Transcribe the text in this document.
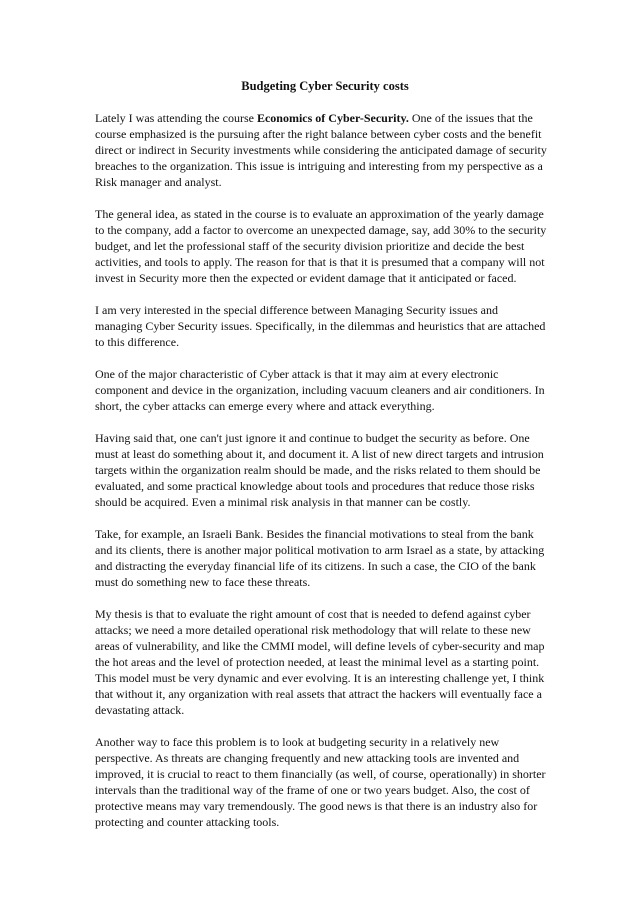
Budgeting Cyber Security costs

Lately I was attending the course Economics of Cyber-Security. One of the issues that the course emphasized is the pursuing after the right balance between cyber costs and the benefit direct or indirect in Security investments while considering the anticipated damage of security breaches to the organization. This issue is intriguing and interesting from my perspective as a Risk manager and analyst.

The general idea, as stated in the course is to evaluate an approximation of the yearly damage to the company, add a factor to overcome an unexpected damage, say, add 30% to the security budget, and let the professional staff of the security division prioritize and decide the best activities, and tools to apply. The reason for that is that it is presumed that a company will not invest in Security more then the expected or evident damage that it anticipated or faced.

I am very interested in the special difference between Managing Security issues and managing Cyber Security issues. Specifically, in the dilemmas and heuristics that are attached to this difference.

One of the major characteristic of Cyber attack is that it may aim at every electronic component and device in the organization, including vacuum cleaners and air conditioners. In short, the cyber attacks can emerge every where and attack everything.

Having said that, one can't just ignore it and continue to budget the security as before. One must at least do something about it, and document it. A list of new direct targets and intrusion targets within the organization realm should be made, and the risks related to them should be evaluated, and some practical knowledge about tools and procedures that reduce those risks should be acquired. Even a minimal risk analysis in that manner can be costly.

Take, for example, an Israeli Bank. Besides the financial motivations to steal from the bank and its clients, there is another major political motivation to arm Israel as a state, by attacking and distracting the everyday financial life of its citizens. In such a case, the CIO of the bank must do something new to face these threats.

My thesis is that to evaluate the right amount of cost that is needed to defend against cyber attacks; we need a more detailed operational risk methodology that will relate to these new areas of vulnerability, and like the CMMI model, will define levels of cyber-security and map the hot areas and the level of protection needed, at least the minimal level as a starting point. This model must be very dynamic and ever evolving. It is an interesting challenge yet, I think that without it, any organization with real assets that attract the hackers will eventually face a devastating attack.

Another way to face this problem is to look at budgeting security in a relatively new perspective. As threats are changing frequently and new attacking tools are invented and improved, it is crucial to react to them financially (as well, of course, operationally) in shorter intervals than the traditional way of the frame of one or two years budget. Also, the cost of protective means may vary tremendously. The good news is that there is an industry also for protecting and counter attacking tools.
